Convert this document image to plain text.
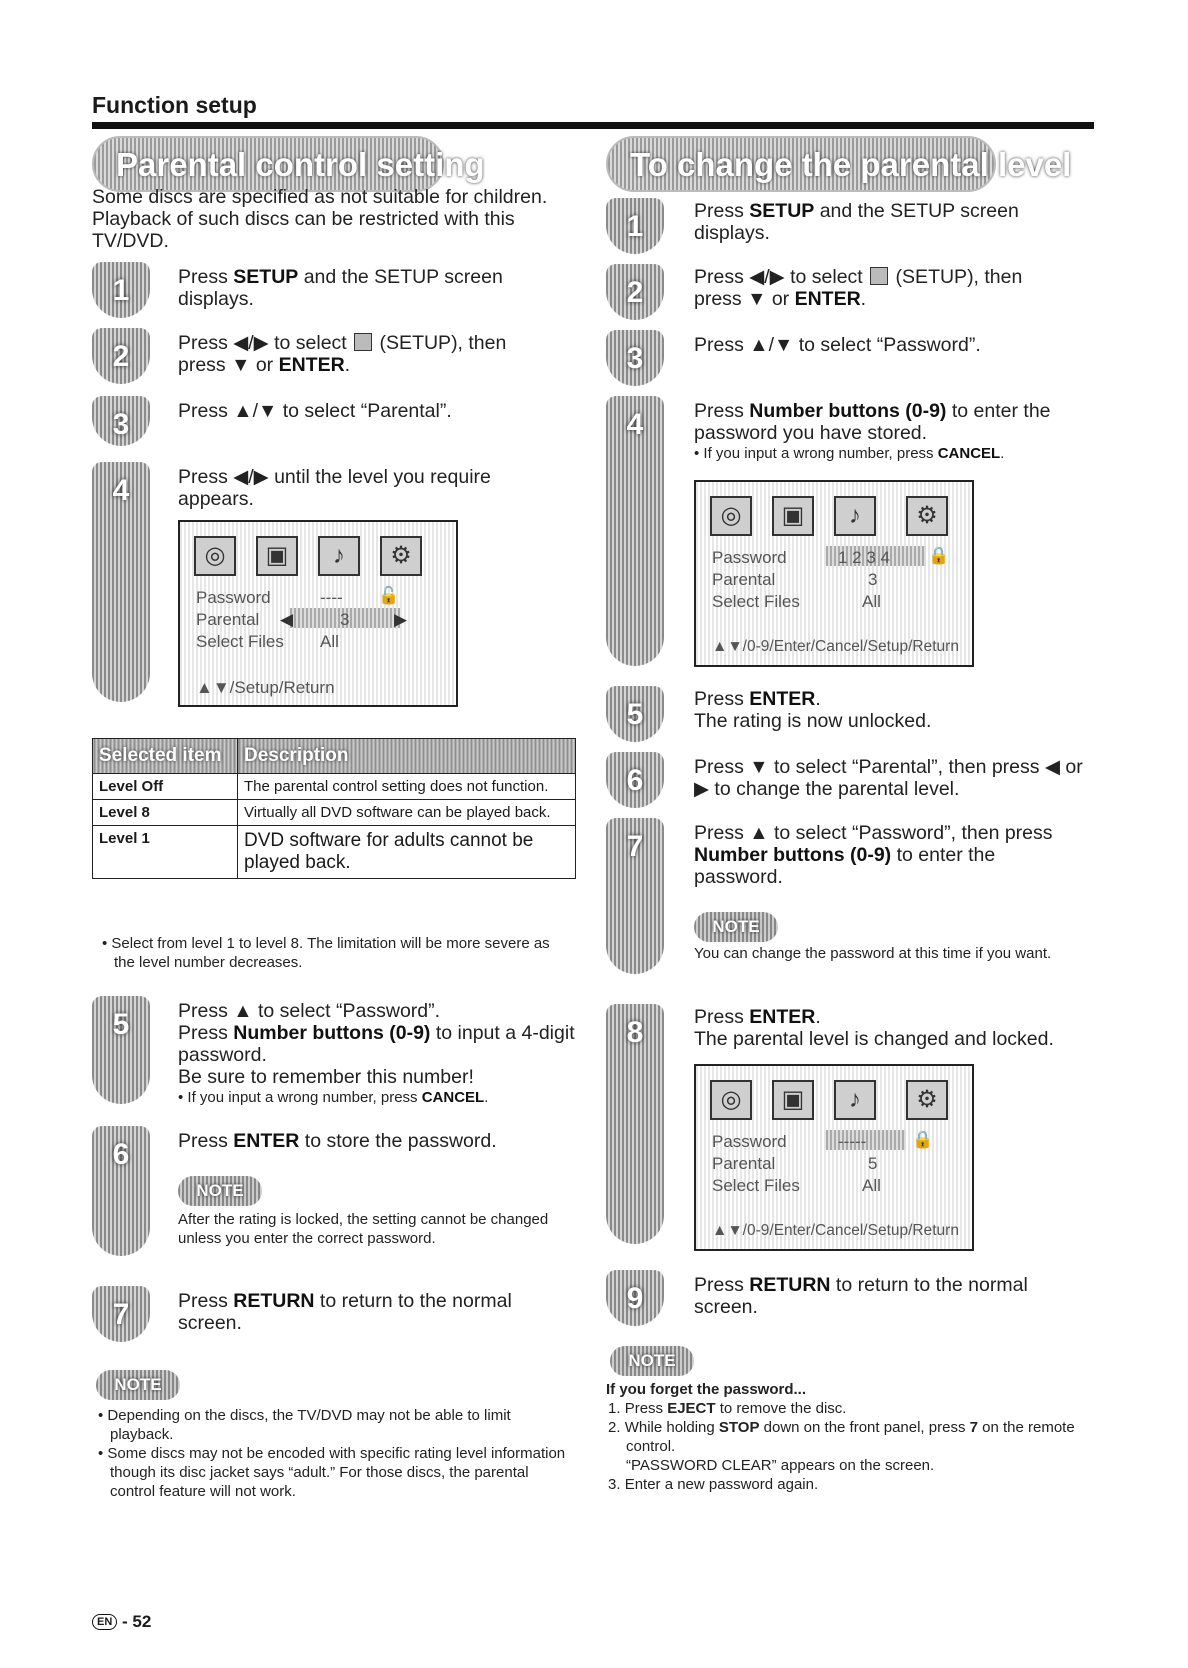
Function setup
Parental control setting
Some discs are specified as not suitable for children. Playback of such discs can be restricted with this TV/DVD.
1	Press SETUP and the SETUP screen displays.
2	Press ◀/▶ to select  (SETUP), then press ▼ or ENTER.
3	Press ▲/▼ to select “Parental”.
4	Press ◀/▶ until the level you require appears.
◎	▣	♪	⚙
Password	---- 🔓
Parental ◀	3	▶
Select Files All
▲▼/Setup/Return
Selected item	Description
Level Off	The parental control setting does not function.
Level 8	Virtually all DVD software can be played back.
Level 1	DVD software for adults cannot be played back.
• Select from level 1 to level 8. The limitation will be more severe as the level number decreases.
5	Press ▲ to select “Password”.
Press Number buttons (0-9) to input a 4-digit password.
Be sure to remember this number!
• If you input a wrong number, press CANCEL.
6	Press ENTER to store the password.
NOTE
After the rating is locked, the setting cannot be changed unless you enter the correct password.
7	Press RETURN to return to the normal screen.
NOTE
• Depending on the discs, the TV/DVD may not be able to limit playback.
• Some discs may not be encoded with specific rating level information though its disc jacket says “adult.” For those discs, the parental control feature will not work.
To change the parental level
1	Press SETUP and the SETUP screen displays.
2	Press ◀/▶ to select  (SETUP), then press ▼ or ENTER.
3	Press ▲/▼ to select “Password”.
4	Press Number buttons (0-9) to enter the password you have stored.
• If you input a wrong number, press CANCEL.
◎	▣	♪	⚙
Password	1 2 3 4 🔒
Parental	3
Select Files	All
▲▼/0-9/Enter/Cancel/Setup/Return
5	Press ENTER.
The rating is now unlocked.
6	Press ▼ to select “Parental”, then press ◀ or ▶ to change the parental level.
7	Press ▲ to select “Password”, then press Number buttons (0-9) to enter the password.
NOTE
You can change the password at this time if you want.
8	Press ENTER.
The parental level is changed and locked.
◎	▣	♪	⚙
Password	-----	🔒
Parental	5
Select Files	All
▲▼/0-9/Enter/Cancel/Setup/Return
9	Press RETURN to return to the normal screen.
NOTE
If you forget the password...
1. Press EJECT to remove the disc.
2. While holding STOP down on the front panel, press 7 on the remote control.
“PASSWORD CLEAR” appears on the screen.
3. Enter a new password again.
EN - 52
